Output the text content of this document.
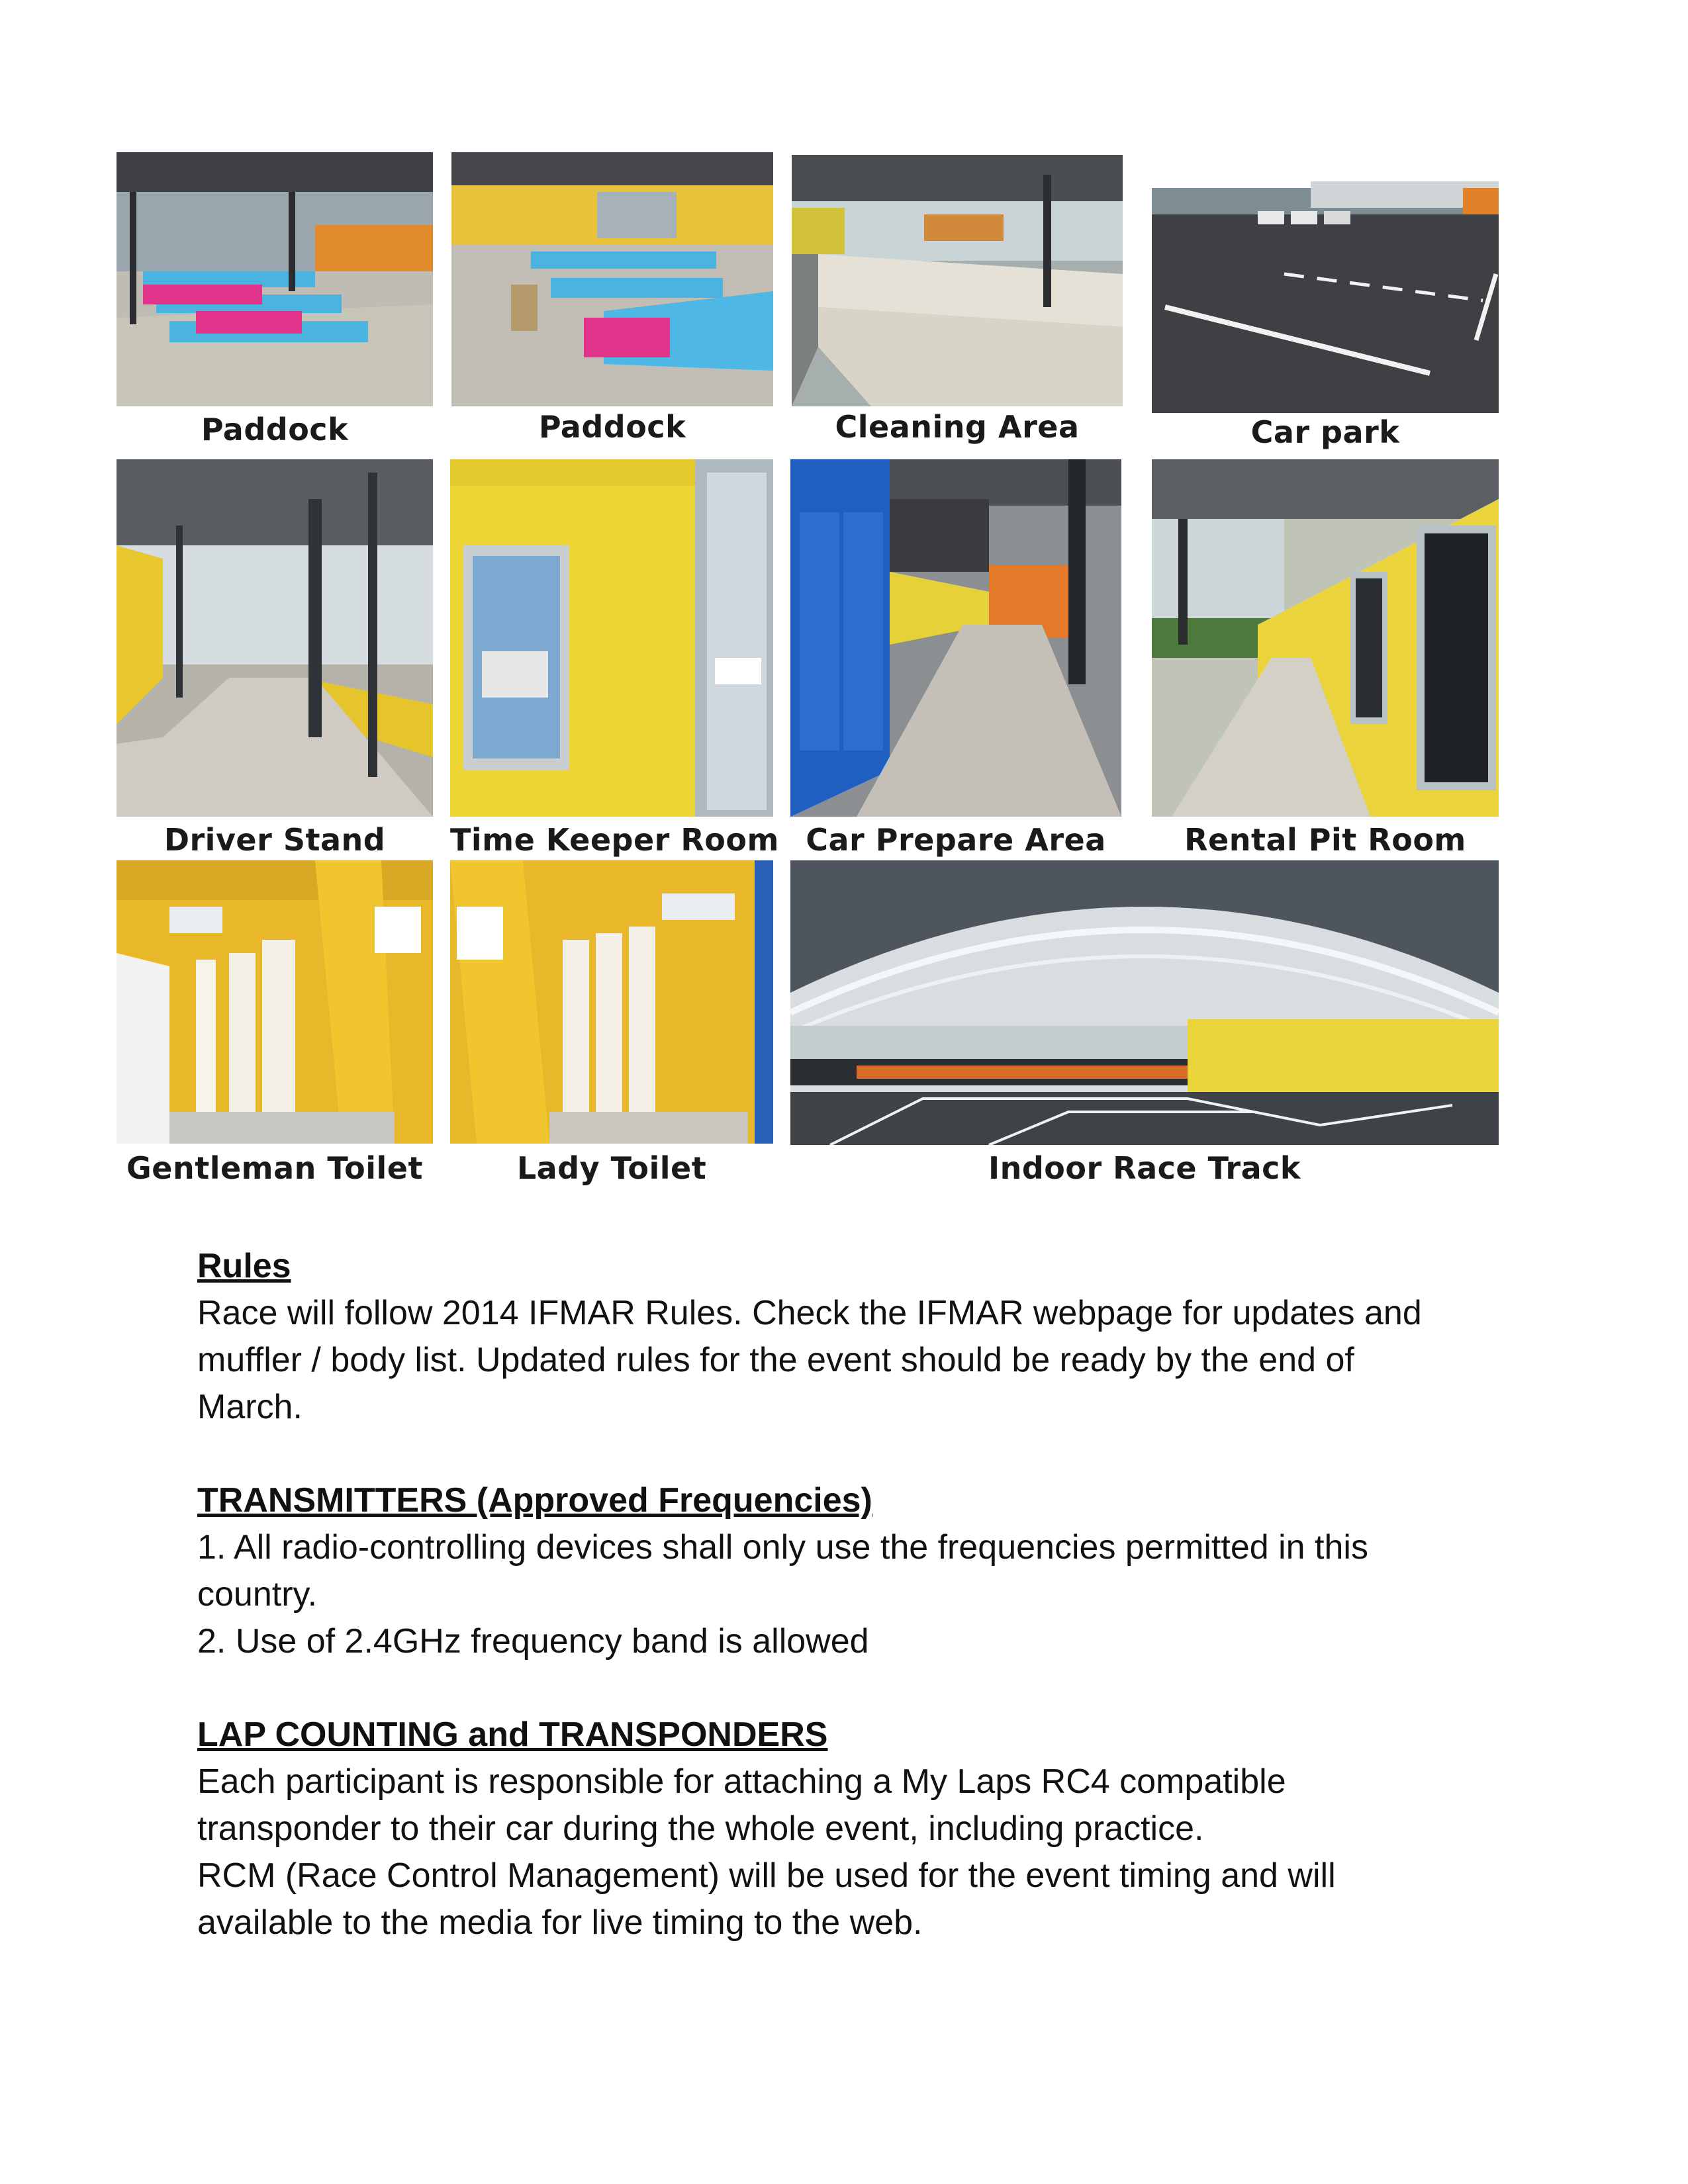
Paddock	Paddock	Cleaning Area	Car park
Driver Stand	Time Keeper Room Car Prepare Area	Rental Pit Room
Gentleman Toilet	Lady Toilet	Indoor Race Track
Rules

Race will follow 2014 IFMAR Rules. Check the IFMAR webpage for updates and

muffler / body list. Updated rules for the event should be ready by the end of

March.

TRANSMITTERS (Approved Frequencies)

1. All radio-controlling devices shall only use the frequencies permitted in this

country.

2. Use of 2.4GHz frequency band is allowed

LAP COUNTING and TRANSPONDERS

Each participant is responsible for attaching a My Laps RC4 compatible

transponder to their car during the whole event, including practice.

RCM (Race Control Management) will be used for the event timing and will

available to the media for live timing to the web.
